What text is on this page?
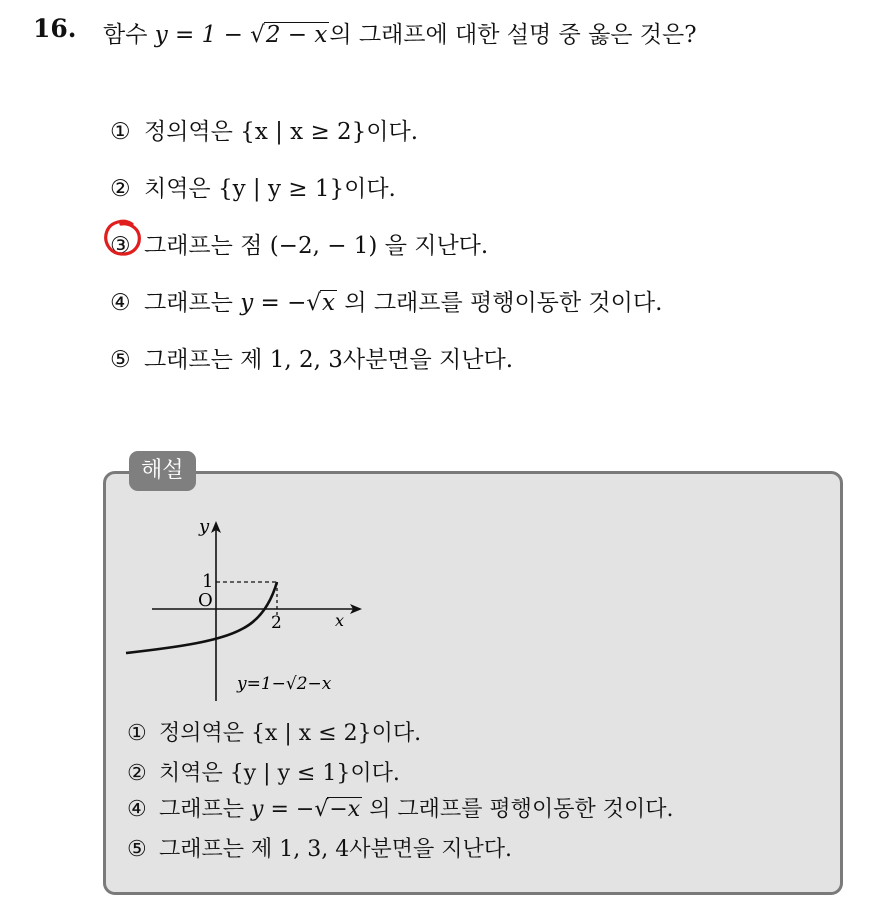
16. 함수 y = 1 − √2 − x의 그래프에 대한 설명 중 옳은 것은?
① 정의역은 {x | x ≥ 2}이다.
② 치역은 {y | y ≥ 1}이다.
③ 그래프는 점 (−2, − 1) 을 지난다.
④ 그래프는 y = −√x 의 그래프를 평행이동한 것이다.
⑤ 그래프는 제 1, 2, 3사분면을 지난다.
해설
y
x
1
O
2
y=1−√2−x
① 정의역은 {x | x ≤ 2}이다.
② 치역은 {y | y ≤ 1}이다.
④ 그래프는 y = −√−x 의 그래프를 평행이동한 것이다.
⑤ 그래프는 제 1, 3, 4사분면을 지난다.
